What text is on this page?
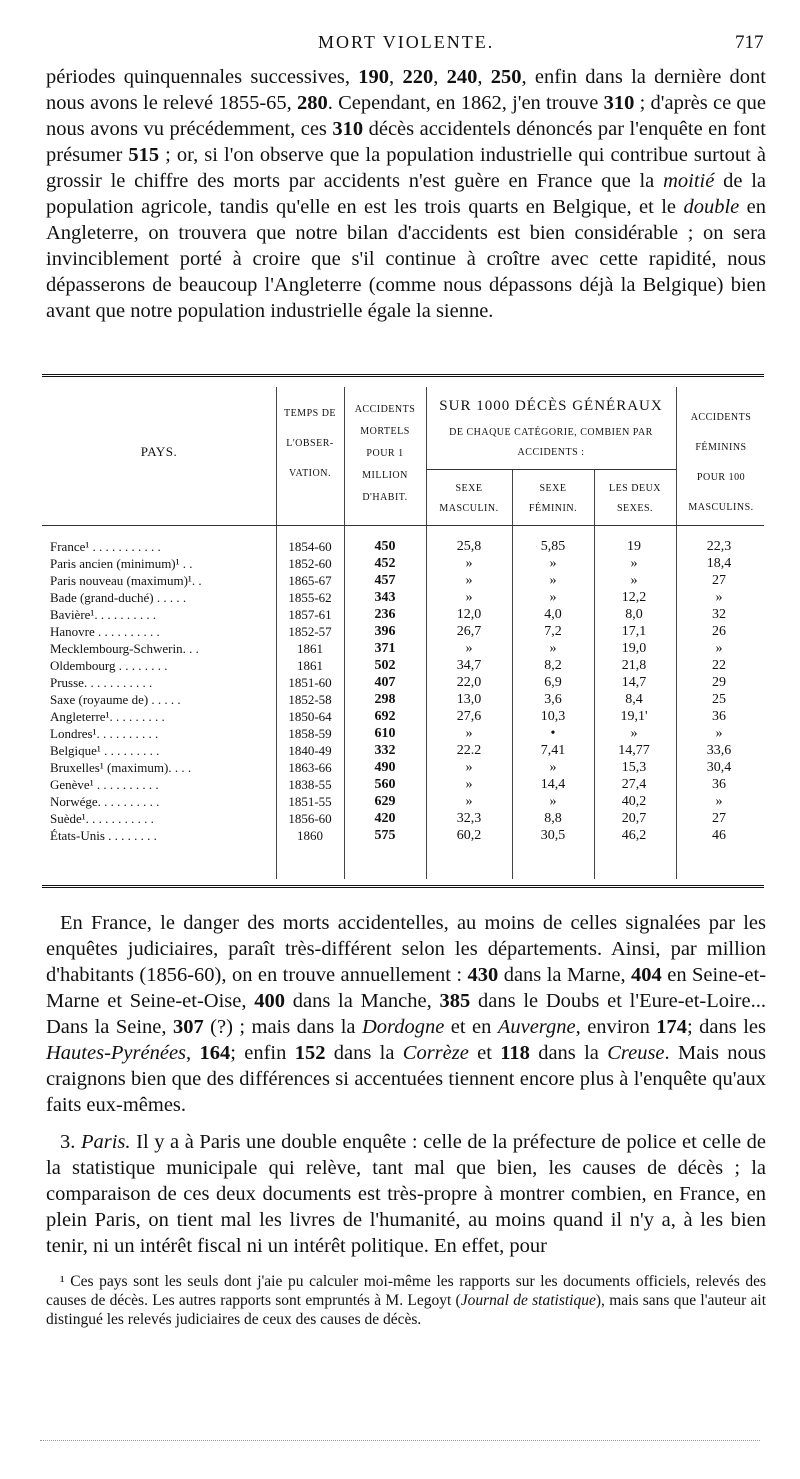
MORT VIOLENTE.	717

périodes quinquennales successives, 190, 220, 240, 250, enfin dans la dernière dont nous avons le relevé 1855-65, 280. Cependant, en 1862, j'en trouve 310 ; d'après ce que nous avons vu précédemment, ces 310 décès accidentels dénoncés par l'enquête en font présumer 515 ; or, si l'on observe que la population industrielle qui contribue surtout à grossir le chiffre des morts par accidents n'est guère en France que la moitié de la population agricole, tandis qu'elle en est les trois quarts en Belgique, et le double en Angleterre, on trouvera que notre bilan d'accidents est bien considérable ; on sera invinciblement porté à croire que s'il continue à croître avec cette rapidité, nous dépasserons de beaucoup l'Angleterre (comme nous dépassons déjà la Belgique) bien avant que notre population industrielle égale la sienne.

PAYS.
TEMPS DE L'OBSER- VATION.
ACCIDENTS MORTELS POUR 1 MILLION D'HABIT.
SUR 1000 DÉCÈS GÉNÉRAUX
DE CHAQUE CATÉGORIE, COMBIEN PAR ACCIDENTS :
SEXE MASCULIN.
SEXE FÉMININ.
LES DEUX SEXES.
ACCIDENTS FÉMININS POUR 100 MASCULINS.
France¹ . . . . . . . . . . .	1854-60	450	25,8	5,85	19	22,3
Paris ancien (minimum)¹ . .	1852-60	452	»	»	»	18,4
Paris nouveau (maximum)¹. .	1865-67	457	»	»	»	27
Bade (grand-duché) . . . . .	1855-62	343	»	»	12,2	»
Bavière¹. . . . . . . . . .	1857-61	236	12,0	4,0	8,0	32
Hanovre . . . . . . . . . .	1852-57	396	26,7	7,2	17,1	26
Mecklembourg-Schwerin. . .	1861	371	»	»	19,0	»
Oldembourg . . . . . . . .	1861	502	34,7	8,2	21,8	22
Prusse. . . . . . . . . . .	1851-60	407	22,0	6,9	14,7	29
Saxe (royaume de) . . . . .	1852-58	298	13,0	3,6	8,4	25
Angleterre¹. . . . . . . . .	1850-64	692	27,6	10,3	19,1'	36
Londres¹. . . . . . . . . .	1858-59	610	»	•	»	»
Belgique¹ . . . . . . . . .	1840-49	332	22.2	7,41	14,77	33,6
Bruxelles¹ (maximum). . . .	1863-66	490	»	»	15,3	30,4
Genève¹ . . . . . . . . . .	1838-55	560	»	14,4	27,4	36
Norwége. . . . . . . . . .	1851-55	629	»	»	40,2	»
Suède¹. . . . . . . . . . .	1856-60	420	32,3	8,8	20,7	27
États-Unis . . . . . . . .	1860	575	60,2	30,5	46,2	46

En France, le danger des morts accidentelles, au moins de celles signalées par les enquêtes judiciaires, paraît très-différent selon les départements. Ainsi, par million d'habitants (1856-60), on en trouve annuellement : 430 dans la Marne, 404 en Seine-et-Marne et Seine-et-Oise, 400 dans la Manche, 385 dans le Doubs et l'Eure-et-Loire... Dans la Seine, 307 (?) ; mais dans la Dordogne et en Auvergne, environ 174; dans les Hautes-Pyrénées, 164; enfin 152 dans la Corrèze et 118 dans la Creuse. Mais nous craignons bien que des différences si accentuées tiennent encore plus à l'enquête qu'aux faits eux-mêmes.

3. Paris. Il y a à Paris une double enquête : celle de la préfecture de police et celle de la statistique municipale qui relève, tant mal que bien, les causes de décès ; la comparaison de ces deux documents est très-propre à montrer combien, en France, en plein Paris, on tient mal les livres de l'humanité, au moins quand il n'y a, à les bien tenir, ni un intérêt fiscal ni un intérêt politique. En effet, pour

¹ Ces pays sont les seuls dont j'aie pu calculer moi-même les rapports sur les documents officiels, relevés des causes de décès. Les autres rapports sont empruntés à M. Legoyt (Journal de statistique), mais sans que l'auteur ait distingué les relevés judiciaires de ceux des causes de décès.
